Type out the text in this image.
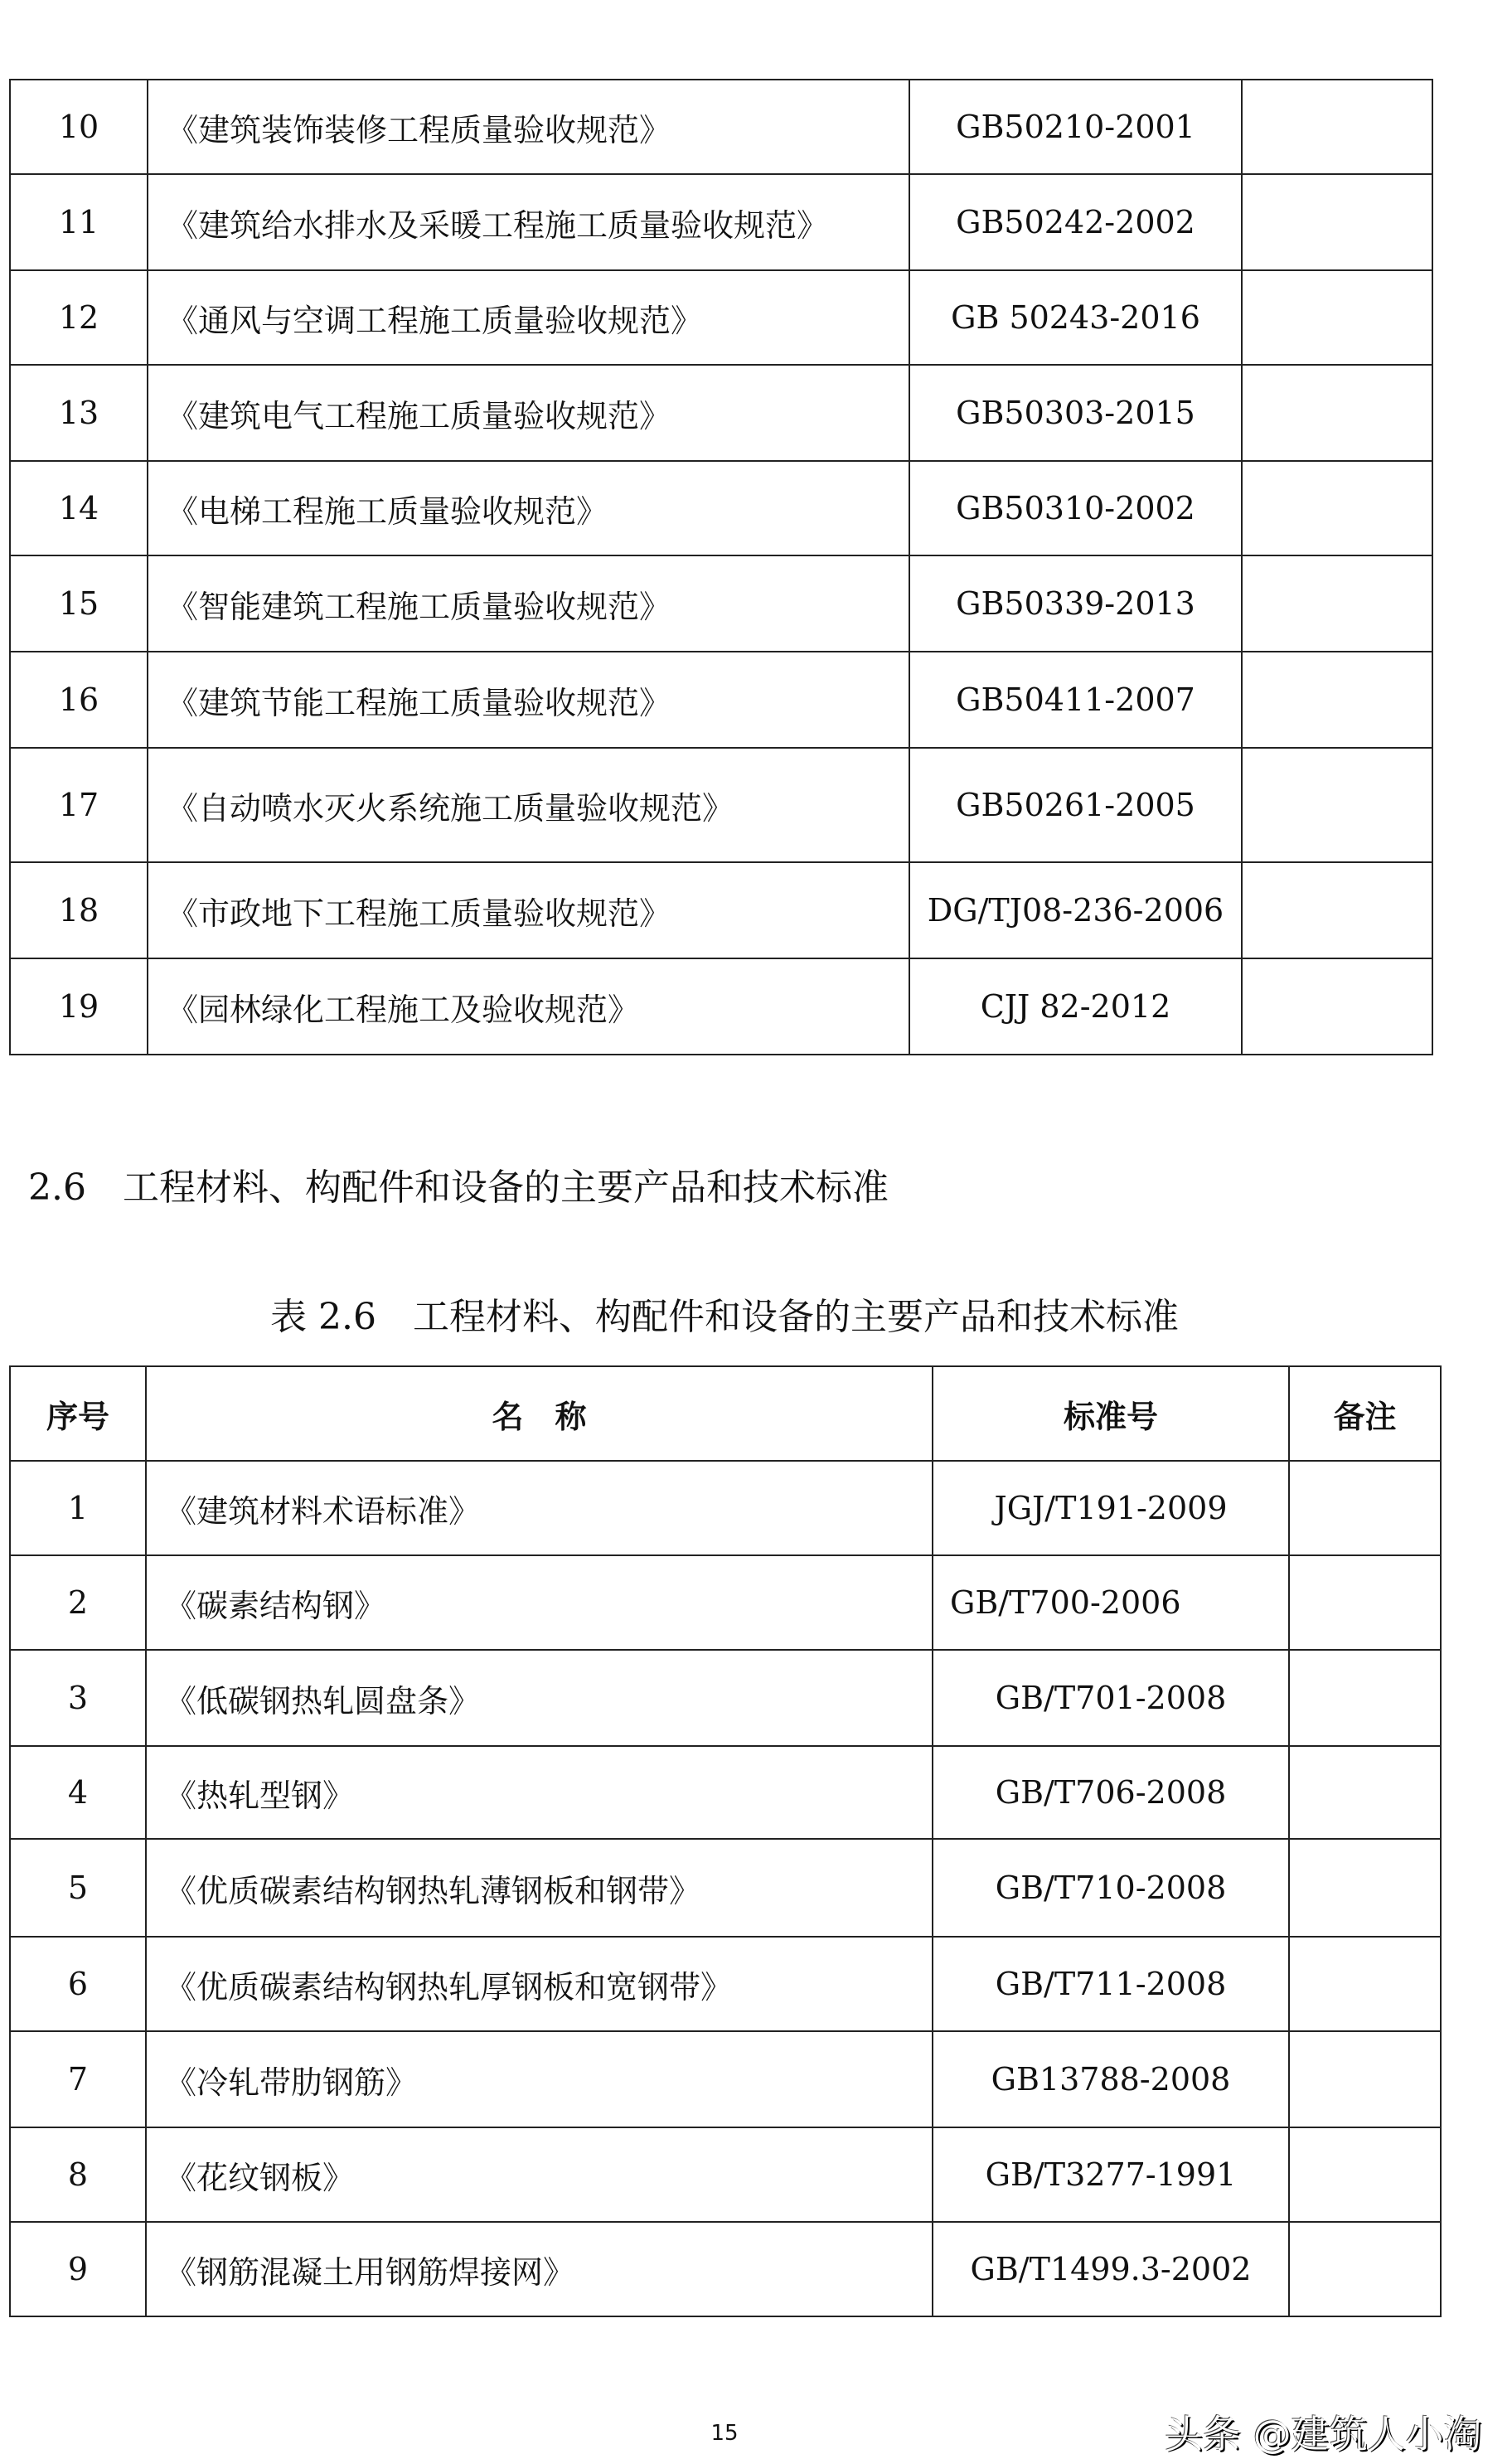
10	《建筑装饰装修工程质量验收规范》	GB50210-2001	
11	《建筑给水排水及采暖工程施工质量验收规范》	GB50242-2002	
12	《通风与空调工程施工质量验收规范》	GB 50243-2016	
13	《建筑电气工程施工质量验收规范》	GB50303-2015	
14	《电梯工程施工质量验收规范》	GB50310-2002	
15	《智能建筑工程施工质量验收规范》	GB50339-2013	
16	《建筑节能工程施工质量验收规范》	GB50411-2007	
17	《自动喷水灭火系统施工质量验收规范》	GB50261-2005	
18	《市政地下工程施工质量验收规范》	DG/TJ08-236-2006	
19	《园林绿化工程施工及验收规范》	CJJ 82-2012	
2.6　工程材料、构配件和设备的主要产品和技术标准
表 2.6　工程材料、构配件和设备的主要产品和技术标准
序号	名　称	标准号	备注
1	《建筑材料术语标准》	JGJ/T191-2009	
2	《碳素结构钢》	GB/T700-2006	
3	《低碳钢热轧圆盘条》	GB/T701-2008	
4	《热轧型钢》	GB/T706-2008	
5	《优质碳素结构钢热轧薄钢板和钢带》	GB/T710-2008	
6	《优质碳素结构钢热轧厚钢板和宽钢带》	GB/T711-2008	
7	《冷轧带肋钢筋》	GB13788-2008	
8	《花纹钢板》	GB/T3277-1991	
9	《钢筋混凝土用钢筋焊接网》	GB/T1499.3-2002	
15	头条 @建筑人小淘
